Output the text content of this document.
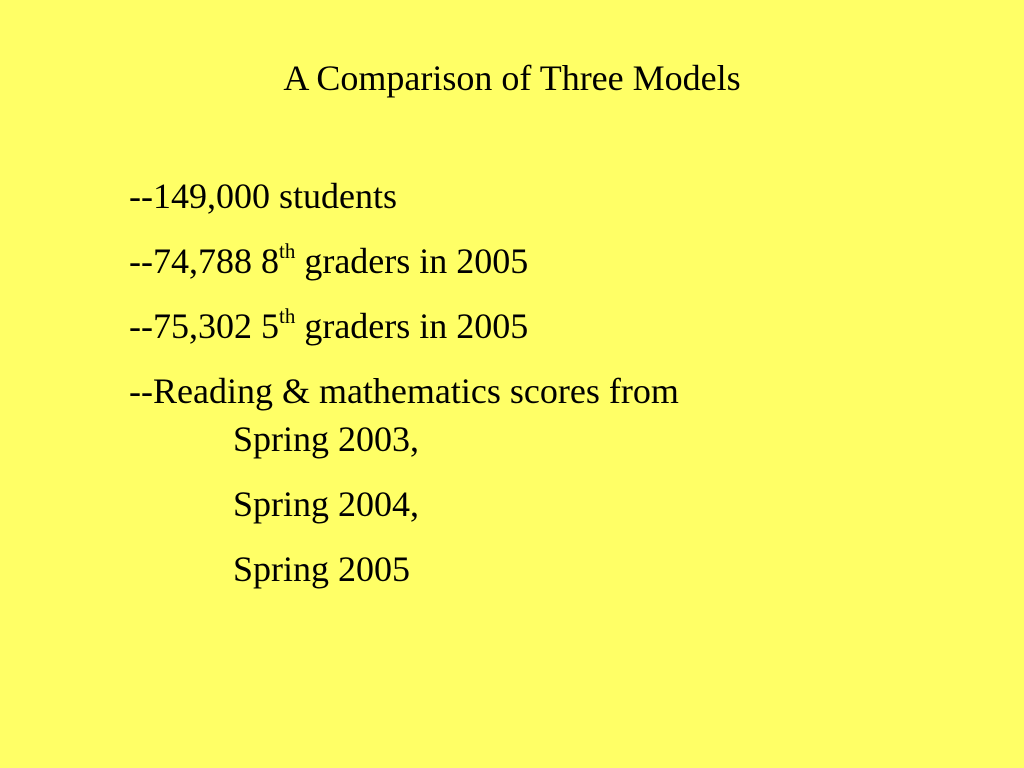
A Comparison of Three Models
--149,000 students
--74,788 8th graders in 2005
--75,302 5th graders in 2005
--Reading & mathematics scores from
Spring 2003,
Spring 2004,
Spring 2005
